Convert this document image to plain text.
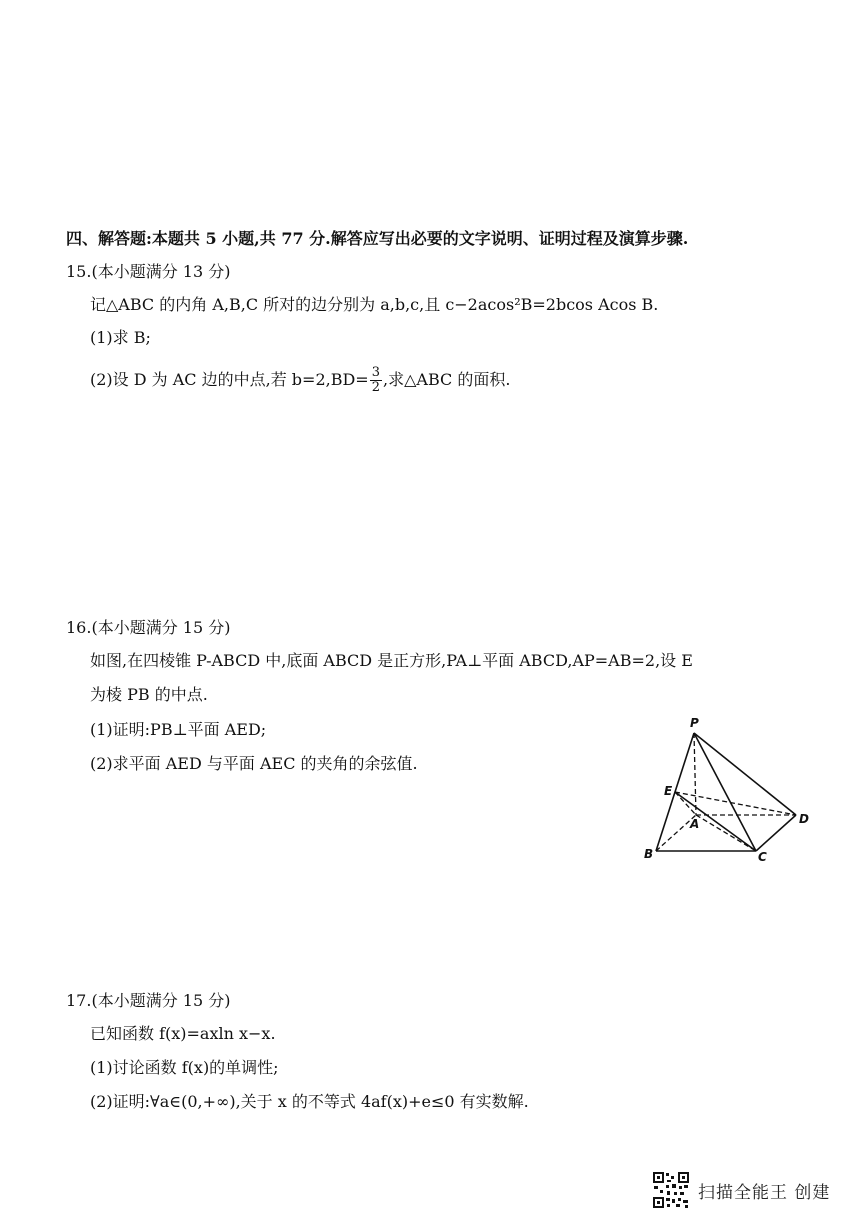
四、解答题:本题共 5 小题,共 77 分.解答应写出必要的文字说明、证明过程及演算步骤.
15.(本小题满分 13 分)
记△ABC 的内角 A,B,C 所对的边分别为 a,b,c,且 c−2acos²B=2bcos Acos B.
(1)求 B;
(2)设 D 为 AC 边的中点,若 $b=2,BD= \frac{3}{2}$ ,求△ABC 的面积.
16.(本小题满分 15 分)
如图,在四棱锥 P-ABCD 中,底面 ABCD 是正方形,PA⊥平面 ABCD,AP=AB=2,设 E
为棱 PB 的中点.
(1)证明:PB⊥平面 AED;
(2)求平面 AED 与平面 AEC 的夹角的余弦值.
P
E
A	D
B	C
17.(本小题满分 15 分)
已知函数 f(x)=axln x−x.
(1)讨论函数 f(x)的单调性;
(2)证明:∀a∈(0,+∞),关于 x 的不等式 4af(x)+e≤0 有实数解.
扫描全能王 创建
